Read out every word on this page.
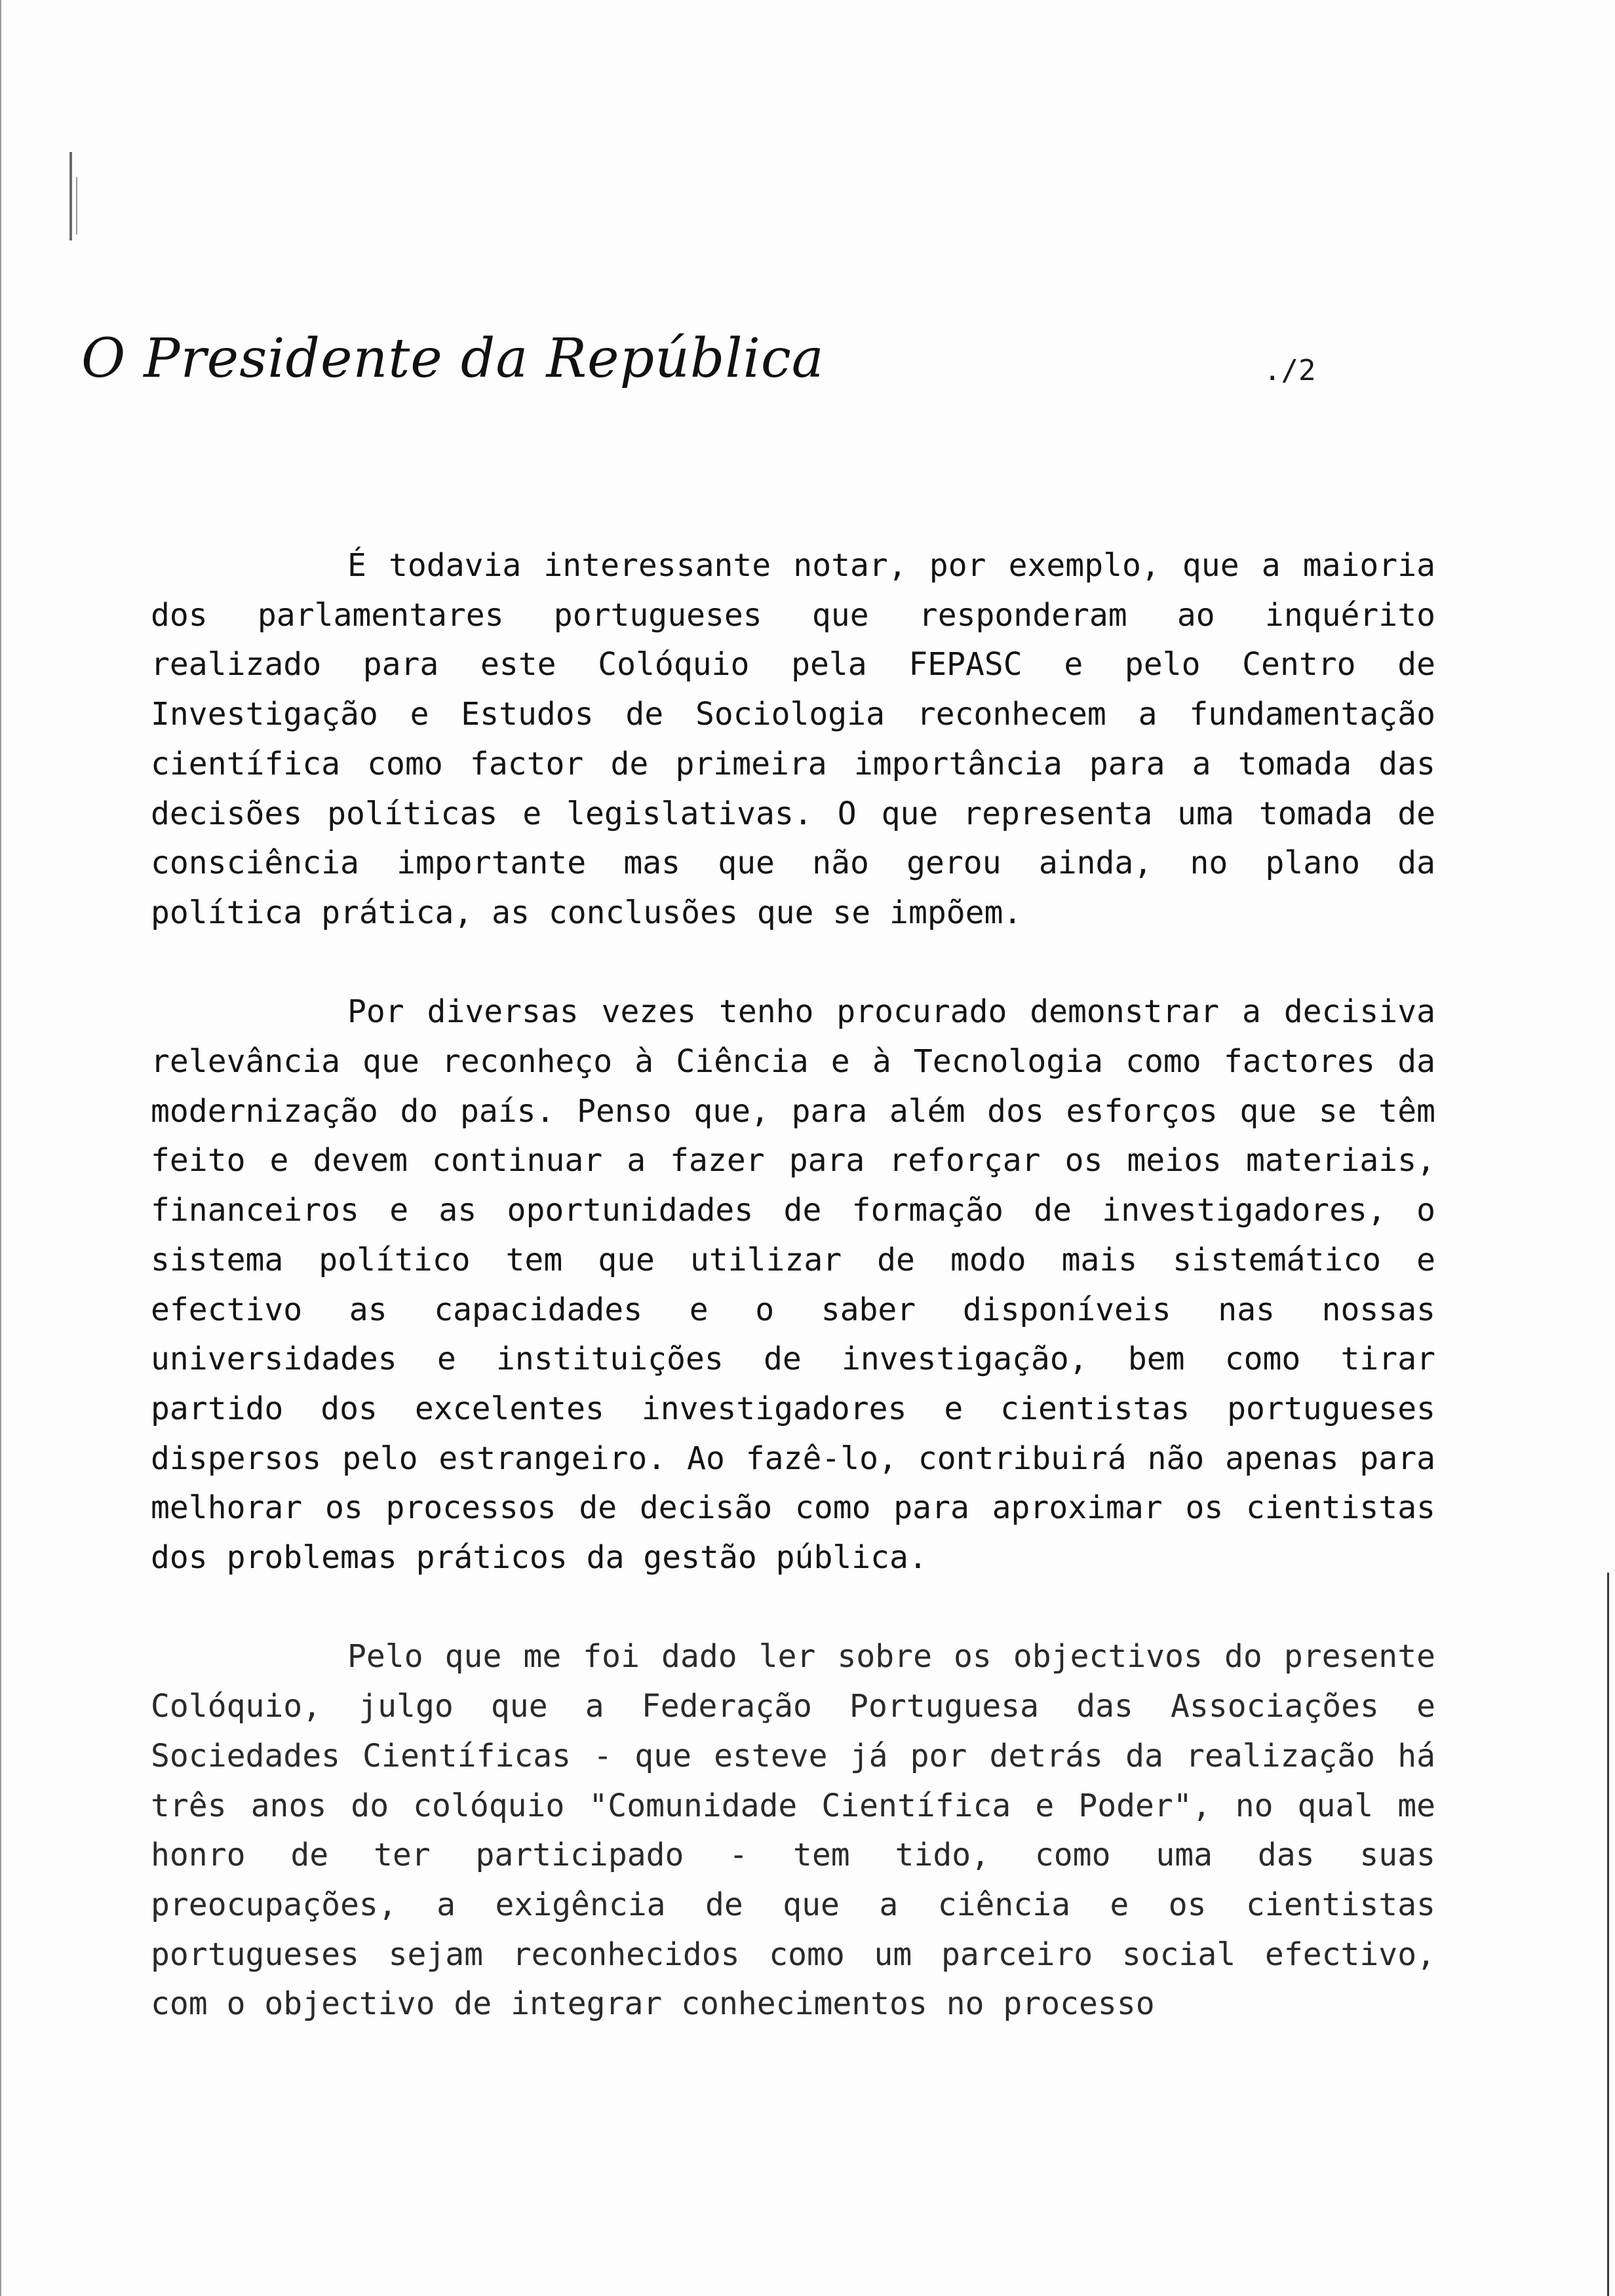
O Presidente da República	./2

É todavia interessante notar, por exemplo, que a maioria dos parlamentares portugueses que responderam ao inquérito realizado para este Colóquio pela FEPASC e pelo Centro de Investigação e Estudos de Sociologia reconhecem a fundamentação científica como factor de primeira importância para a tomada das decisões políticas e legislativas. O que representa uma tomada de consciência importante mas que não gerou ainda, no plano da política prática, as conclusões que se impõem.

Por diversas vezes tenho procurado demonstrar a decisiva relevância que reconheço à Ciência e à Tecnologia como factores da modernização do país. Penso que, para além dos esforços que se têm feito e devem continuar a fazer para reforçar os meios materiais, financeiros e as oportunidades de formação de investigadores, o sistema político tem que utilizar de modo mais sistemático e efectivo as capacidades e o saber disponíveis nas nossas universidades e instituições de investigação, bem como tirar partido dos excelentes investigadores e cientistas portugueses dispersos pelo estrangeiro. Ao fazê-lo, contribuirá não apenas para melhorar os processos de decisão como para aproximar os cientistas dos problemas práticos da gestão pública.

Pelo que me foi dado ler sobre os objectivos do presente Colóquio, julgo que a Federação Portuguesa das Associações e Sociedades Científicas - que esteve já por detrás da realização há três anos do colóquio "Comunidade Científica e Poder", no qual me honro de ter participado - tem tido, como uma das suas preocupações, a exigência de que a ciência e os cientistas portugueses sejam reconhecidos como um parceiro social efectivo, com o objectivo de integrar conhecimentos no processo
